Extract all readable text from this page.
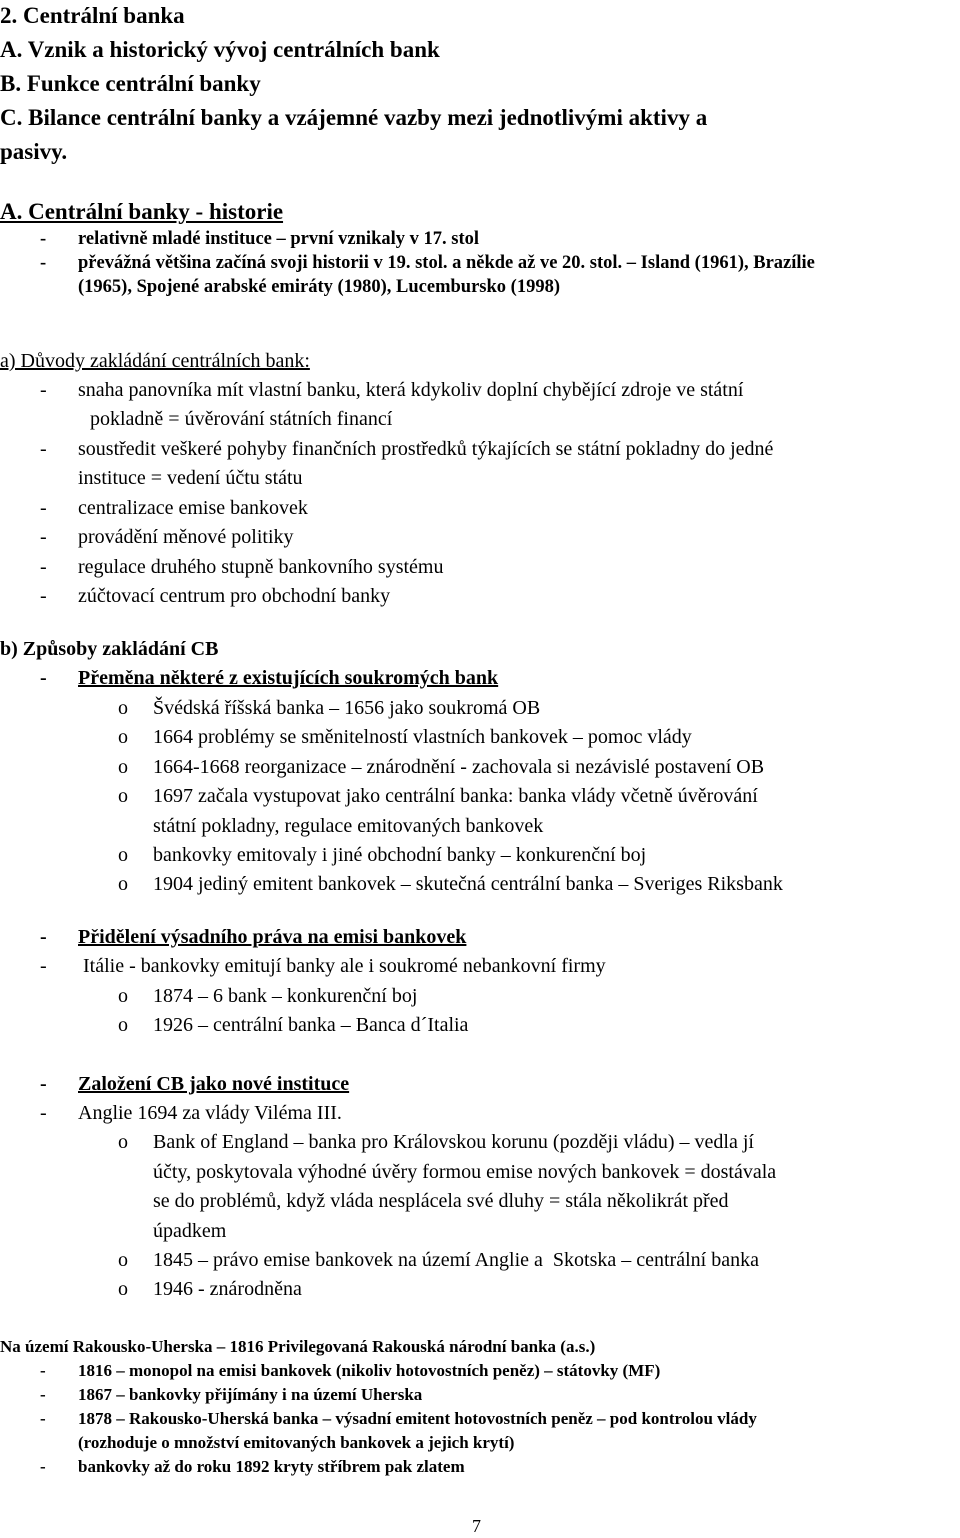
2. Centrální banka
A. Vznik a historický vývoj centrálních bank
B. Funkce centrální banky
C. Bilance centrální banky a vzájemné vazby mezi jednotlivými aktivy a
pasivy.
A. Centrální banky - historie
- relativně mladé instituce – první vznikaly v 17. stol
- převážná většina začíná svoji historii v 19. stol. a někde až ve 20. stol. – Island (1961), Brazílie
(1965), Spojené arabské emiráty (1980), Lucembursko (1998)
a) Důvody zakládání centrálních bank:
- snaha panovníka mít vlastní banku, která kdykoliv doplní chybějící zdroje ve státní
pokladně = úvěrování státních financí
- soustředit veškeré pohyby finančních prostředků týkajících se státní pokladny do jedné
instituce = vedení účtu státu
- centralizace emise bankovek
- provádění měnové politiky
- regulace druhého stupně bankovního systému
- zúčtovací centrum pro obchodní banky
b) Způsoby zakládání CB
- Přeměna některé z existujících soukromých bank
o Švédská říšská banka – 1656 jako soukromá OB
o 1664 problémy se směnitelností vlastních bankovek – pomoc vlády
o 1664-1668 reorganizace – znárodnění - zachovala si nezávislé postavení OB
o 1697 začala vystupovat jako centrální banka: banka vlády včetně úvěrování
státní pokladny, regulace emitovaných bankovek
o bankovky emitovaly i jiné obchodní banky – konkurenční boj
o 1904 jediný emitent bankovek – skutečná centrální banka – Sveriges Riksbank
- Přidělení výsadního práva na emisi bankovek
- Itálie - bankovky emitují banky ale i soukromé nebankovní firmy
o 1874 – 6 bank – konkurenční boj
o 1926 – centrální banka – Banca d´Italia
- Založení CB jako nové instituce
- Anglie 1694 za vlády Viléma III.
o Bank of England – banka pro Královskou korunu (později vládu) – vedla jí
účty, poskytovala výhodné úvěry formou emise nových bankovek = dostávala
se do problémů, když vláda nesplácela své dluhy = stála několikrát před
úpadkem
o 1845 – právo emise bankovek na území Anglie a  Skotska – centrální banka
o 1946 - znárodněna
Na území Rakousko-Uherska – 1816 Privilegovaná Rakouská národní banka (a.s.)
- 1816 – monopol na emisi bankovek (nikoliv hotovostních peněz) – státovky (MF)
- 1867 – bankovky přijímány i na území Uherska
- 1878 – Rakousko-Uherská banka – výsadní emitent hotovostních peněz – pod kontrolou vlády
(rozhoduje o množství emitovaných bankovek a jejich krytí)
- bankovky až do roku 1892 kryty stříbrem pak zlatem
7
